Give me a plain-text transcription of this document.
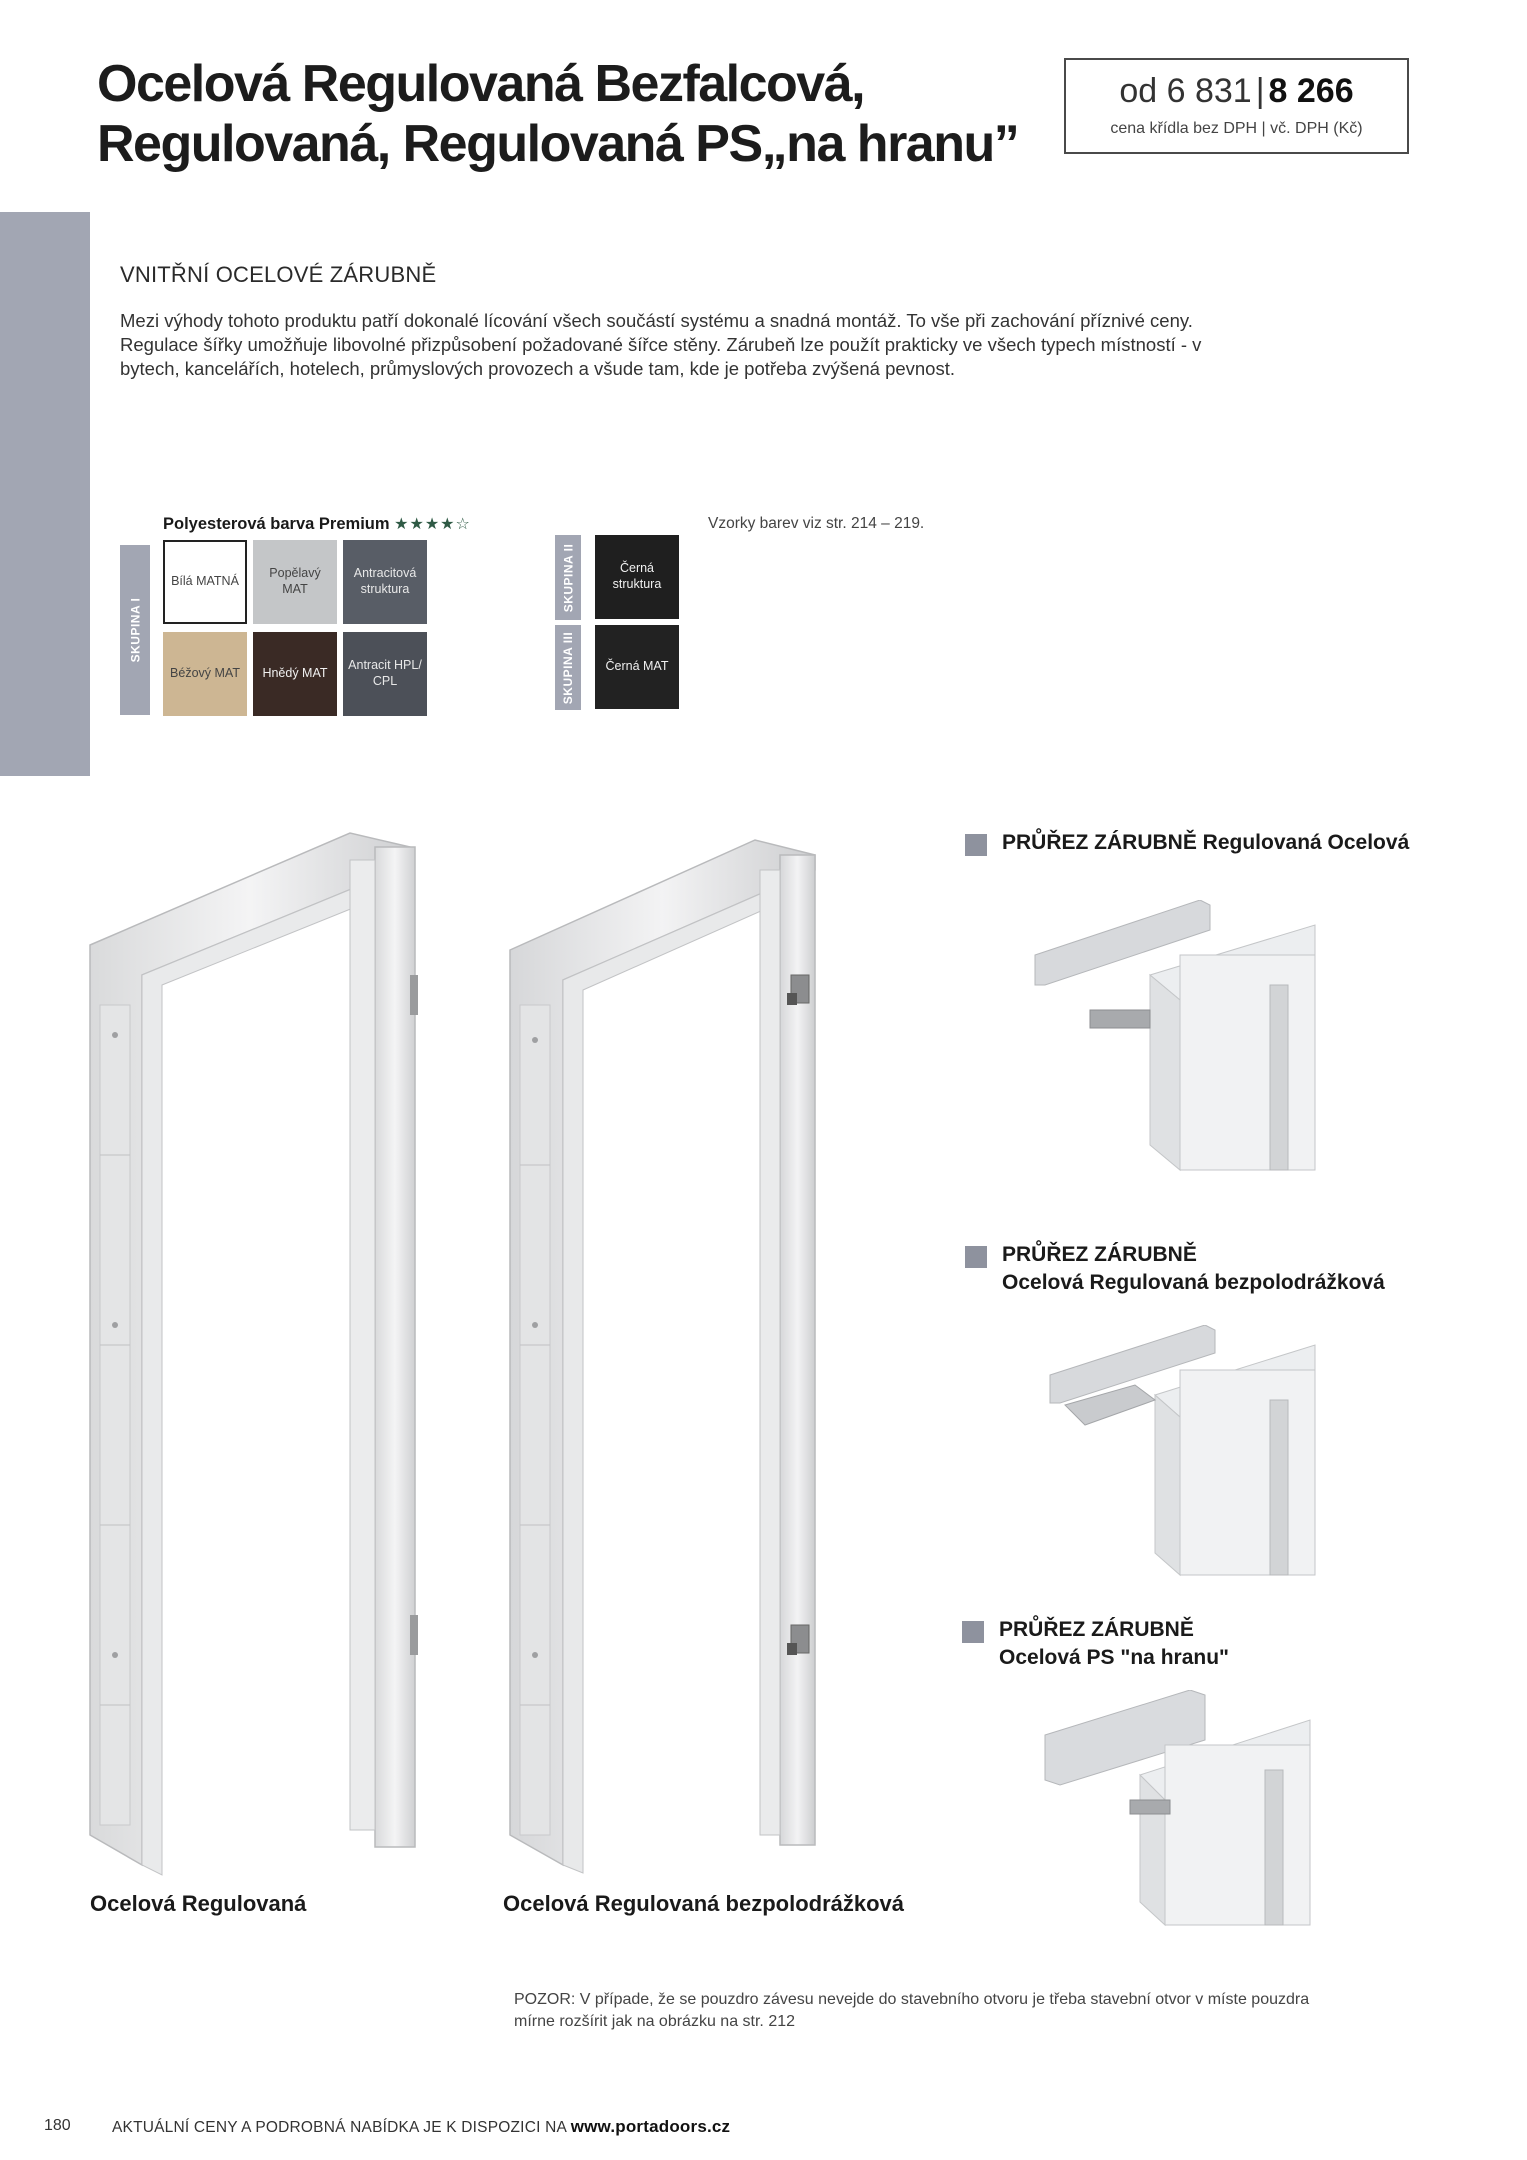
Ocelová Regulovaná Bezfalcová,
Regulovaná, Regulovaná PS„na hranu”
od 6 831 | 8 266
cena křídla bez DPH | vč. DPH (Kč)
VNITŘNÍ OCELOVÉ ZÁRUBNĚ
Mezi výhody tohoto produktu patří dokonalé lícování všech součástí systému a snadná montáž. To vše při zachování příznivé ceny. Regulace šířky umožňuje libovolné přizpůsobení požadované šířce stěny. Zárubeň lze použít prakticky ve všech typech místností - v bytech, kancelářích, hotelech, průmyslových provozech a všude tam, kde je potřeba zvýšená pevnost.
Polyesterová barva Premium ★★★★☆	Vzorky barev viz str. 214 – 219.
SKUPINA I
SKUPINA II
SKUPINA III
Bílá MATNÁ
Popělavý MAT
Antracitová struktura
Béžový MAT Hnědý MAT
Antracit HPL/ CPL
Černá struktura
Černá MAT
Ocelová Regulovaná	Ocelová Regulovaná bezpolodrážková
PRŮŘEZ ZÁRUBNĚ Regulovaná Ocelová
PRŮŘEZ ZÁRUBNĚ
Ocelová Regulovaná bezpolodrážková
PRŮŘEZ ZÁRUBNĚ
Ocelová PS "na hranu"
POZOR: V případe, že se pouzdro závesu nevejde do stavebního otvoru je třeba stavební otvor v míste pouzdra mírne rozšírit jak na obrázku na str. 212
180	AKTUÁLNÍ CENY A PODROBNÁ NABÍDKA JE K DISPOZICI NA www.portadoors.cz
